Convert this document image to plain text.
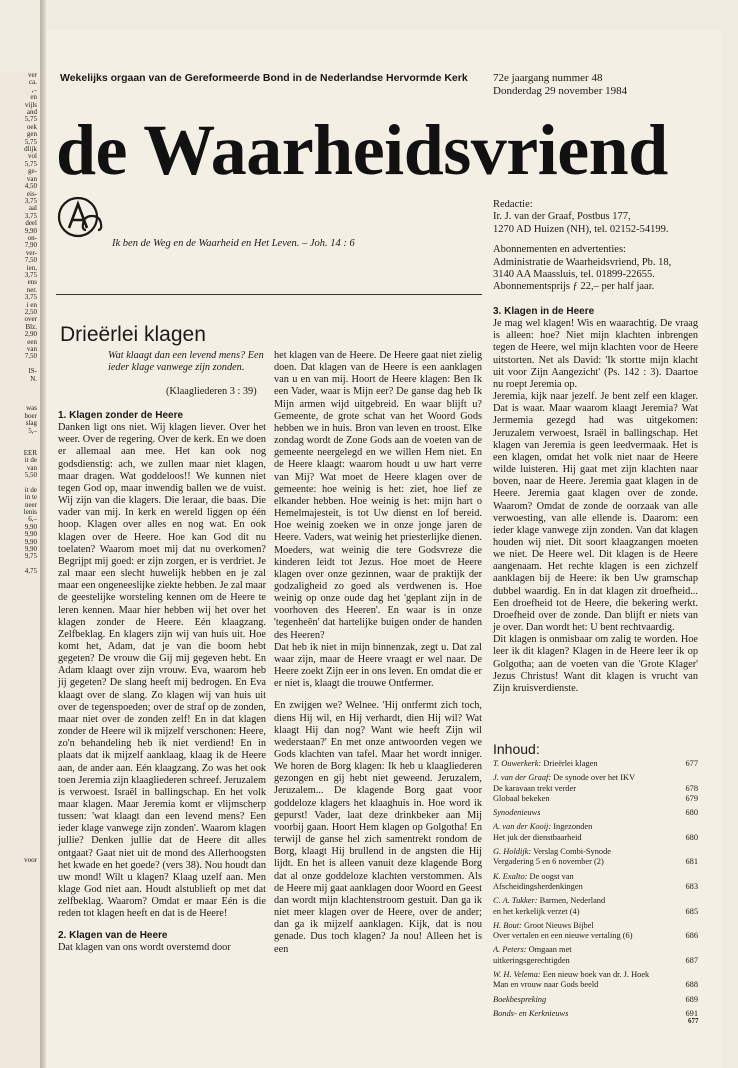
ver
ca.
,–
en
vijls
and
5,75
oek
gen
5,75
dlijk
vol
5,75
ge-
van
4,50
eis-
3,75
aal
3,75
deel
9,90
on-
7,90
ver-
7,50
ien,
3,75
ens
ner.
3,75
i en
2,50
over
Blz.
2,90
een
van
7,50

IS-
N.

was
boer
slag
5,–

EER
it de
van
5,50

it de
in te
neer
lenis
6,–
9,90
9,90
9,90
9,90
9,75

4,75

voor
Wekelijks orgaan van de Gereformeerde Bond in de Nederlandse Hervormde Kerk 72e jaargang nummer 48
Donderdag 29 november 1984
de Waarheidsvriend
Ik ben de Weg en de Waarheid en Het Leven. – Joh. 14 : 6
Redactie:
Ir. J. van der Graaf, Postbus 177,
1270 AD Huizen (NH), tel. 02152-54199.

Abonnementen en advertenties:
Administratie de Waarheidsvriend, Pb. 18,
3140 AA Maassluis, tel. 01899-22655.
Abonnementsprijs ƒ 22,– per half jaar.
Drieërlei klagen
Wat klaagt dan een levend mens? Een ieder klage vanwege zijn zonden.
(Klaagliederen 3 : 39)

1. Klagen zonder de Heere

Danken ligt ons niet. Wij klagen liever. Over het weer. Over de regering. Over de kerk. En we doen er allemaal aan mee. Het kan ook nog godsdienstig: ach, we zullen maar niet klagen, maar dragen. Wat goddeloos!! We kunnen niet tegen God op, maar inwendig ballen we de vuist. Wij zijn van die klagers. Die leraar, die baas. Die vader van mij. In kerk en wereld liggen op één hoop. Klagen over alles en nog wat. En ook klagen over de Heere. Hoe kan God dit nu toelaten? Waarom moet mij dat nu overkomen? Begrijpt mij goed: er zijn zorgen, er is verdriet. Je zal maar een slecht huwelijk hebben en je zal maar een ongeneeslijke ziekte hebben. Je zal maar de geestelijke worsteling kennen om de Heere te leren kennen. Maar hier hebben wij het over het klagen zonder de Heere. Eén klaagzang. Zelfbeklag. En klagers zijn wij van huis uit. Hoe komt het, Adam, dat je van die boom hebt gegeten? De vrouw die Gij mij gegeven hebt. En Adam klaagt over zijn vrouw. Eva, waarom heb jij gegeten? De slang heeft mij bedrogen. En Eva klaagt over de slang. Zo klagen wij van huis uit over de tegenspoeden; over de straf op de zonden, maar niet over de zonden zelf! En in dat klagen zonder de Heere wil ik mijzelf verschonen: Heere, zo'n behandeling heb ik niet verdiend! En in plaats dat ik mijzelf aanklaag, klaag ik de Heere aan, de ander aan. Eén klaagzang. Zo was het ook toen Jeremia zijn klaagliederen schreef. Jeruzalem is verwoest. Israël in ballingschap. En het volk maar klagen. Maar Jeremia komt er vlijmscherp tussen: 'wat klaagt dan een levend mens? Een ieder klage vanwege zijn zonden'. Waarom klagen jullie? Denken jullie dat de Heere dit alles ontgaat? Gaat niet uit de mond des Allerhoogsten het kwade en het goede? (vers 38). Nou houdt dan uw mond! Wilt u klagen? Klaag uzelf aan. Men klage God niet aan. Houdt alstublieft op met dat zelfbeklag. Waarom? Omdat er maar Eén is die reden tot klagen heeft en dat is de Heere!

2. Klagen van de Heere

Dat klagen van ons wordt overstemd door

het klagen van de Heere. De Heere gaat niet zielig doen. Dat klagen van de Heere is een aanklagen van u en van mij. Hoort de Heere klagen: Ben Ik een Vader, waar is Mijn eer? De ganse dag heb Ik Mijn armen wijd uitgebreid. En waar blijft u? Gemeente, de grote schat van het Woord Gods hebben we in huis. Bron van leven en troost. Elke zondag wordt de Zone Gods aan de voeten van de gemeente neergelegd en we willen Hem niet. En de Heere klaagt: waarom houdt u uw hart verre van Mij? Wat moet de Heere klagen over de gemeente: hoe weinig is het: ziet, hoe lief ze elkander hebben. Hoe weinig is het: mijn hart o Hemelmajesteit, is tot Uw dienst en lof bereid. Hoe weinig zoeken we in onze jonge jaren de Heere. Vaders, wat weinig het priesterlijke dienen. Moeders, wat weinig die tere Godsvreze die kinderen leidt tot Jezus. Hoe moet de Heere klagen over onze gezinnen, waar de praktijk der godzaligheid zo goed als verdwenen is. Hoe weinig op onze oude dag het 'geplant zijn in de voorhoven des Heeren'. En waar is in onze 'tegenheên' dat hartelijke buigen onder de handen des Heeren?
Dat heb ik niet in mijn binnenzak, zegt u. Dat zal waar zijn, maar de Heere vraagt er wel naar. De Heere zoekt Zijn eer in ons leven. En omdat die er er niet is, klaagt die trouwe Ontfermer.

En zwijgen we? Welnee. 'Hij ontfermt zich toch, diens Hij wil, en Hij verhardt, dien Hij wil? Wat klaagt Hij dan nog? Want wie heeft Zijn wil wederstaan?' En met onze antwoorden vegen we Gods klachten van tafel. Maar het wordt inniger. We horen de Borg klagen: Ik heb u klaagliederen gezongen en gij hebt niet geweend. Jeruzalem, Jeruzalem... De klagende Borg gaat voor goddeloze klagers het klaaghuis in. Hoe word ik gepurst! Vader, laat deze drinkbeker aan Mij voorbij gaan. Hoort Hem klagen op Golgotha! En terwijl de ganse hel zich samentrekt rondom de Borg, klaagt Hij brullend in de angsten die Hij lijdt. En het is alleen vanuit deze klagende Borg dat al onze goddeloze klachten verstommen. Als de Heere mij gaat aanklagen door Woord en Geest dan wordt mijn klachtenstroom gestuit. Dan ga ik niet meer klagen over de Heere, over de ander; dan ga ik mijzelf aanklagen. Kijk, dat is nou genade. Dus toch klagen? Ja nou! Alleen het is een

3. Klagen in de Heere

Je mag wel klagen! Wis en waarachtig. De vraag is alleen: hoe? Niet mijn klachten inbrengen tegen de Heere, wel mijn klachten voor de Heere uitstorten. Net als David: 'Ik stortte mijn klacht uit voor Zijn Aangezicht' (Ps. 142 : 3). Daartoe nu roept Jeremia op.
Jeremia, kijk naar jezelf. Je bent zelf een klager. Dat is waar. Maar waarom klaagt Jeremia? Wat Jermemia gezegd had was uitgekomen: Jeruzalem verwoest, Israël in ballingschap. Het klagen van Jeremia is geen leedvermaak. Het is een klagen, omdat het volk niet naar de Heere wilde luisteren. Hij gaat met zijn klachten naar boven, naar de Heere. Jeremia gaat klagen in de Heere. Jeremia gaat klagen over de zonde. Waarom? Omdat de zonde de oorzaak van alle verwoesting, van alle ellende is. Daarom: een ieder klage vanwege zijn zonden. Van dat klagen houden wij niet. Dit soort klaagzangen moeten we niet. De Heere wel. Dit klagen is de Heere aangenaam. Het rechte klagen is een zichzelf aanklagen bij de Heere: ik ben Uw gramschap dubbel waardig. En in dat klagen zit droefheid... Een droefheid tot de Heere, die bekering werkt. Droefheid over de zonde. Dan blijft er niets van je over. Dan wordt het: U bent rechtvaardig.
Dit klagen is onmisbaar om zalig te worden. Hoe leer ik dit klagen? Klagen in de Heere leer ik op Golgotha; aan de voeten van die 'Grote Klager' Jezus Christus! Want dit klagen is vrucht van Zijn kruisverdienste.

Inhoud:
T. Ouwerkerk: Drieërlei klagen	677
J. van der Graaf: De synode over het IKV
De karavaan trekt verder	678
Globaal bekeken	679
Synodenieuws	680
A. van der Kooij: Ingezonden
Het juk der dienstbaarheid	680
G. Holdijk: Verslag Combi-Synode
Vergadering 5 en 6 november (2)	681
K. Exalto: De oogst van
Afscheidingsherdenkingen	683
C. A. Tukker: Barmen, Nederland
en het kerkelijk verzet (4)	685
H. Bout: Groot Nieuws Bijbel
Over vertalen en een nieuwe vertaling (6)	686
A. Peters: Omgaan met
uitkeringsgerechtigden	687
W. H. Velema: Een nieuw boek van dr. J. Hoek
Man en vrouw naar Gods beeld	688
Boekbespreking	689
Bonds- en Kerknieuws	691
677
